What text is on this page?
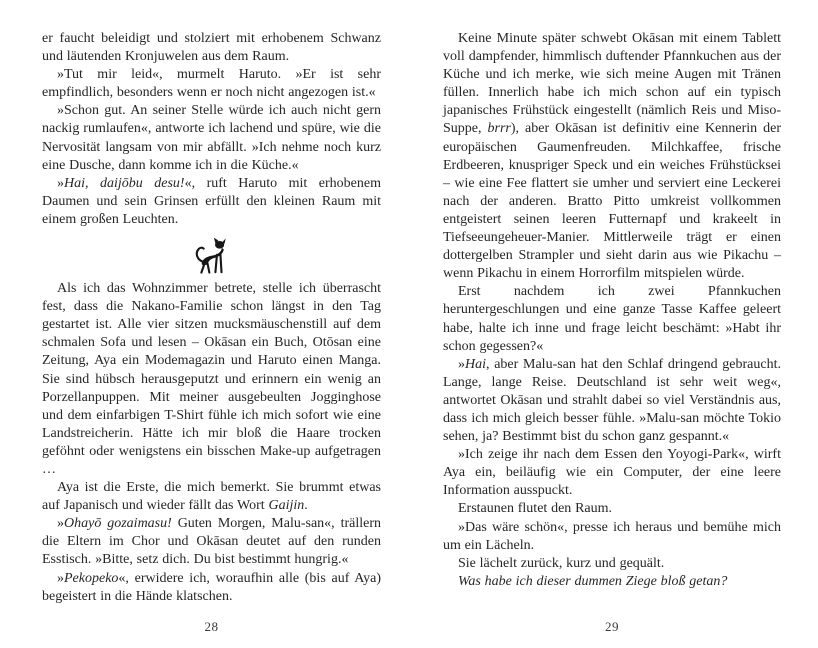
er faucht beleidigt und stolziert mit erhobenem Schwanz und läutenden Kronjuwelen aus dem Raum.

»Tut mir leid«, murmelt Haruto. »Er ist sehr empfindlich, besonders wenn er noch nicht angezogen ist.«

»Schon gut. An seiner Stelle würde ich auch nicht gern nackig rumlaufen«, antworte ich lachend und spüre, wie die Nervosität langsam von mir abfällt. »Ich nehme noch kurz eine Dusche, dann komme ich in die Küche.«

»Hai, daijōbu desu!«, ruft Haruto mit erhobenem Daumen und sein Grinsen erfüllt den kleinen Raum mit einem großen Leuchten.

Als ich das Wohnzimmer betrete, stelle ich überrascht fest, dass die Nakano-Familie schon längst in den Tag gestartet ist. Alle vier sitzen mucksmäuschenstill auf dem schmalen Sofa und lesen – Okāsan ein Buch, Otōsan eine Zeitung, Aya ein Modemagazin und Haruto einen Manga. Sie sind hübsch herausgeputzt und erinnern ein wenig an Porzellanpuppen. Mit meiner ausgebeulten Jogginghose und dem einfarbigen T-Shirt fühle ich mich sofort wie eine Landstreicherin. Hätte ich mir bloß die Haare trocken geföhnt oder wenigstens ein bisschen Make-up aufgetragen …

Aya ist die Erste, die mich bemerkt. Sie brummt etwas auf Japanisch und wieder fällt das Wort Gaijin.

»Ohayō gozaimasu! Guten Morgen, Malu-san«, trällern die Eltern im Chor und Okāsan deutet auf den runden Esstisch. »Bitte, setz dich. Du bist bestimmt hungrig.«

»Pekopeko«, erwidere ich, woraufhin alle (bis auf Aya) begeistert in die Hände klatschen.

28

Keine Minute später schwebt Okāsan mit einem Tablett voll dampfender, himmlisch duftender Pfannkuchen aus der Küche und ich merke, wie sich meine Augen mit Tränen füllen. Innerlich habe ich mich schon auf ein typisch japanisches Frühstück eingestellt (nämlich Reis und Miso-Suppe, brrr), aber Okāsan ist definitiv eine Kennerin der europäischen Gaumenfreuden. Milchkaffee, frische Erdbeeren, knuspriger Speck und ein weiches Frühstücksei – wie eine Fee flattert sie umher und serviert eine Leckerei nach der anderen. Bratto Pitto umkreist vollkommen entgeistert seinen leeren Futternapf und krakeelt in Tiefseeungeheuer-Manier. Mittlerweile trägt er einen dottergelben Strampler und sieht darin aus wie Pikachu – wenn Pikachu in einem Horrorfilm mitspielen würde.

Erst nachdem ich zwei Pfannkuchen heruntergeschlungen und eine ganze Tasse Kaffee geleert habe, halte ich inne und frage leicht beschämt: »Habt ihr schon gegessen?«

»Hai, aber Malu-san hat den Schlaf dringend gebraucht. Lange, lange Reise. Deutschland ist sehr weit weg«, antwortet Okāsan und strahlt dabei so viel Verständnis aus, dass ich mich gleich besser fühle. »Malu-san möchte Tokio sehen, ja? Bestimmt bist du schon ganz gespannt.«

»Ich zeige ihr nach dem Essen den Yoyogi-Park«, wirft Aya ein, beiläufig wie ein Computer, der eine leere Information ausspuckt.

Erstaunen flutet den Raum.

»Das wäre schön«, presse ich heraus und bemühe mich um ein Lächeln.

Sie lächelt zurück, kurz und gequält.

Was habe ich dieser dummen Ziege bloß getan?

29
